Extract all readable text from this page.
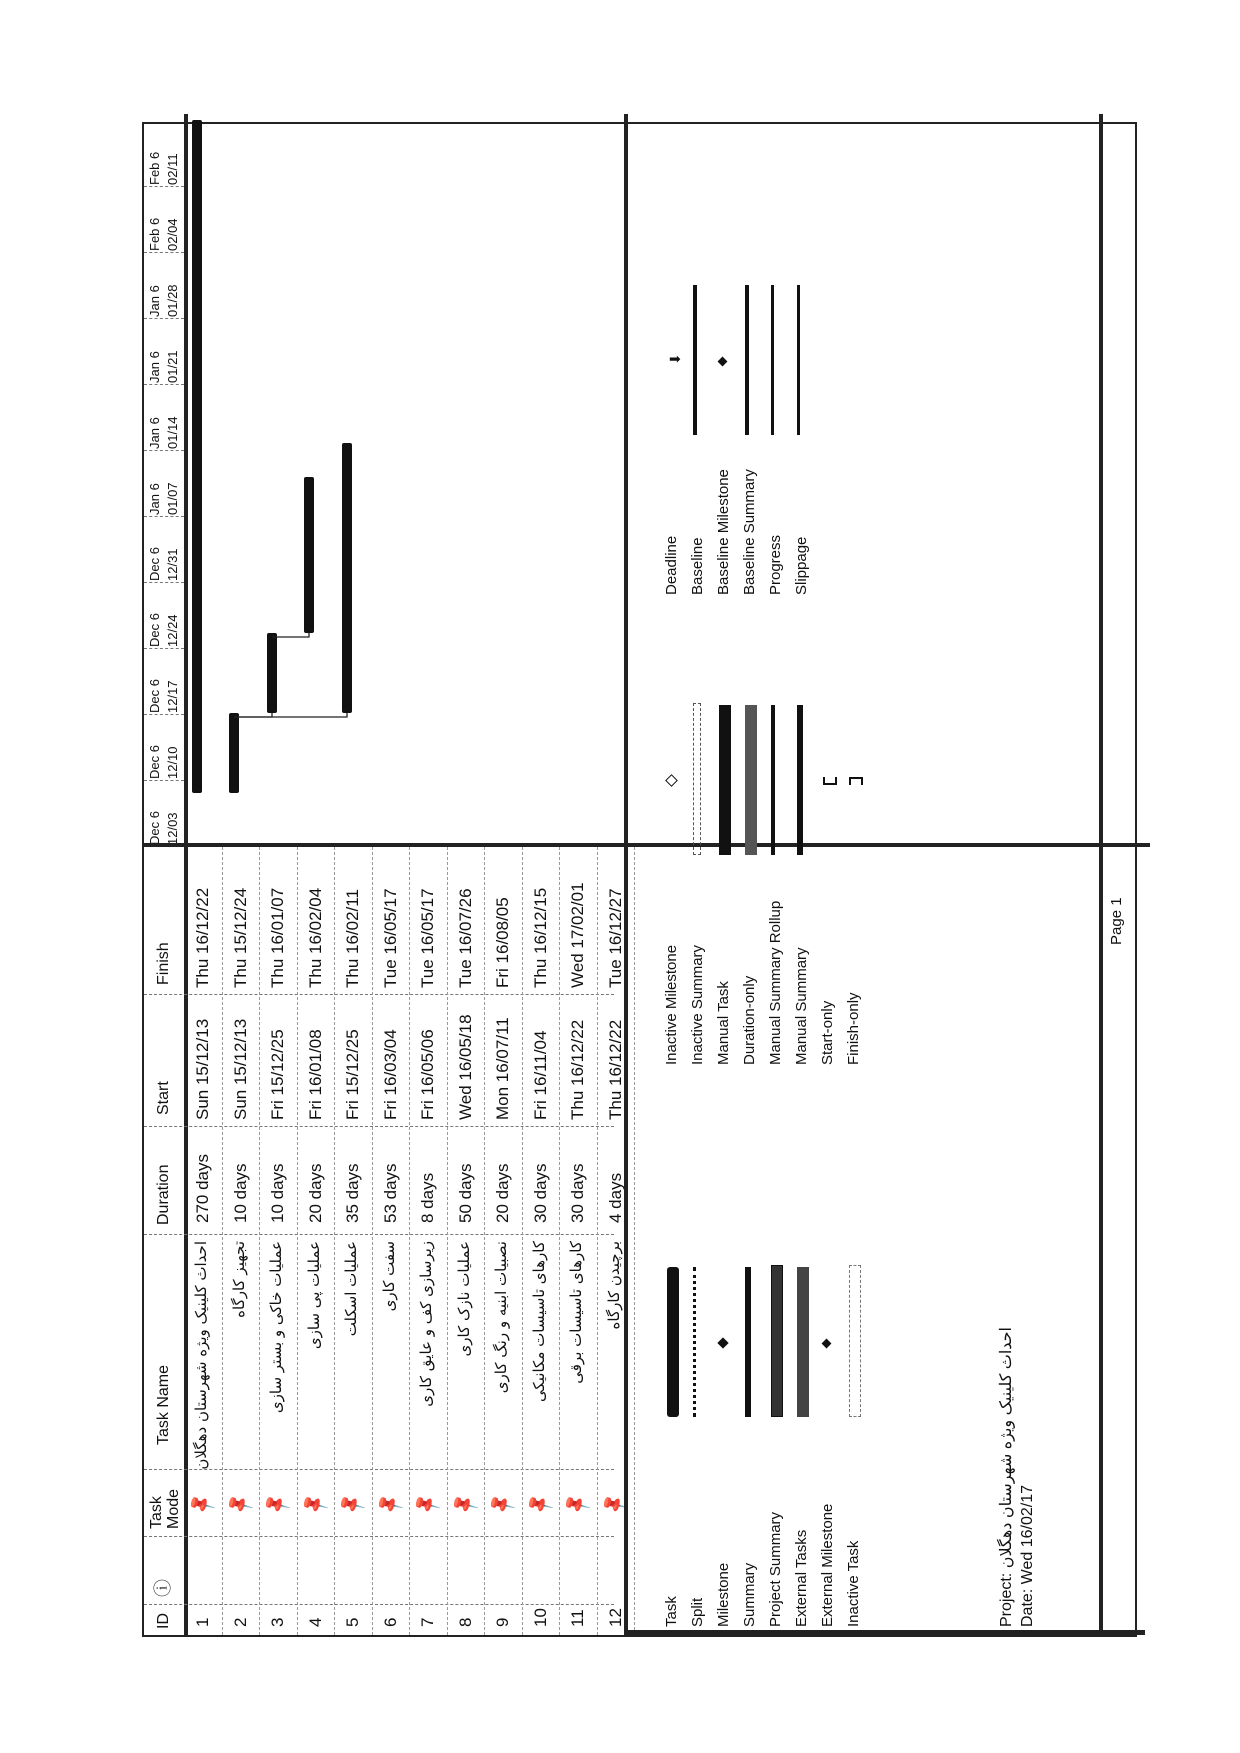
ID
ⓘ
Task Mode
Task Name
Duration
Start
Finish
Dec 6 12/03
Dec 6 12/10
Dec 6 12/17
Dec 6 12/24
Dec 6 12/31
Jan 6 01/07
Jan 6 01/14
Jan 6 01/21
Jan 6 01/28
Feb 6 02/04
Feb 6 02/11
1
📌
احداث کلینیک ویژه شهرستان دهگلان
270 days
Sun 15/12/13
Thu 16/12/22
2
📌
تجهیز کارگاه
10 days
Sun 15/12/13
Thu 15/12/24
3
📌
عملیات خاکی و بستر سازی
10 days
Fri 15/12/25
Thu 16/01/07
4
📌
عملیات پی سازی
20 days
Fri 16/01/08
Thu 16/02/04
5
📌
عملیات اسکلت
35 days
Fri 15/12/25
Thu 16/02/11
6
📌
سفت کاری
53 days
Fri 16/03/04
Tue 16/05/17
7
📌
زیرسازی کف و عایق کاری
8 days
Fri 16/05/06
Tue 16/05/17
8
📌
عملیات نازک کاری
50 days
Wed 16/05/18
Tue 16/07/26
9
📌
نصبیات ابنیه و رنگ کاری
20 days
Mon 16/07/11
Fri 16/08/05
10
📌
کارهای تاسیسات مکانیکی
30 days
Fri 16/11/04
Thu 16/12/15
11
📌
کارهای تاسیسات برقی
30 days
Thu 16/12/22
Wed 17/02/01
12
📌
برچیدن کارگاه
4 days
Thu 16/12/22
Tue 16/12/27
Project: احداث کلینیک ویژه شهرستان دهگلان Date: Wed 16/02/17
Task Split Milestone Summary Project Summary External Tasks External Milestone Inactive Task
Inactive Milestone Inactive Summary Manual Task Duration-only Manual Summary Rollup Manual Summary Start-only Finish-only
Deadline
⬇
Baseline Baseline Milestone Baseline Summary Progress Slippage
Page 1
